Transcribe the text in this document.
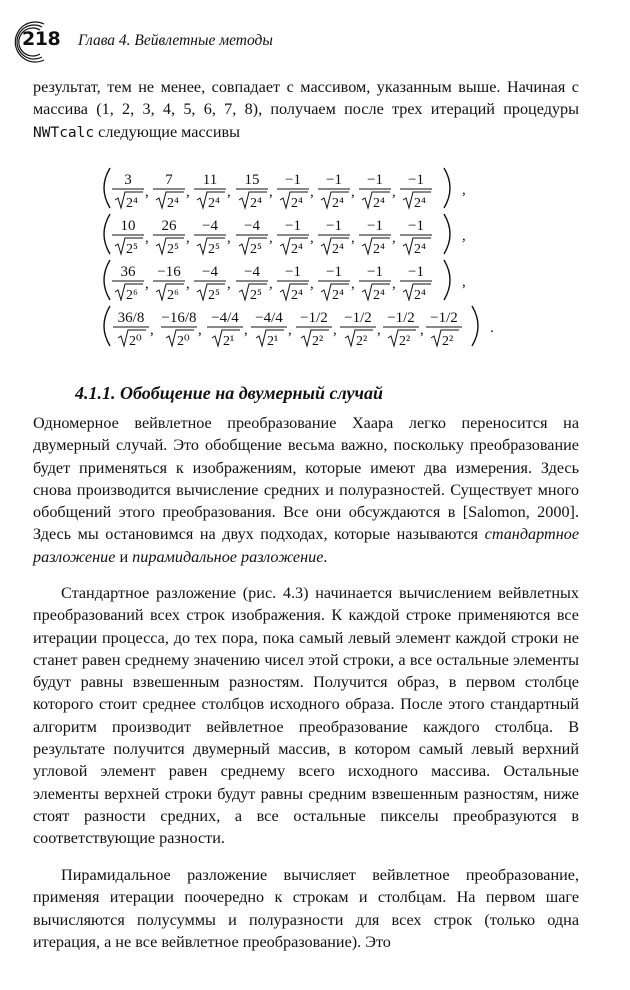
218 Глава 4. Вейвлетные методы

результат, тем не менее, совпадает с массивом, указанным выше. Начиная с массива (1, 2, 3, 4, 5, 6, 7, 8), получаем после трех итераций процедуры NWTcalc следующие массивы

,
3
2⁴
,
7
2⁴
,
11
2⁴
,
15
2⁴
,
−1
2⁴
,
−1
2⁴
,
−1
2⁴
,
−1
2⁴
,
10
2⁵
,
26
2⁵
,
−4
2⁵
,
−4
2⁵
,
−1
2⁴
,
−1
2⁴
,
−1
2⁴
,
−1
2⁴
,
36
2⁶
,
−16
2⁶
,
−4
2⁵
,
−4
2⁵
,
−1
2⁴
,
−1
2⁴
,
−1
2⁴
,
−1
2⁴
.
36/8
2⁰
,
−16/8
2⁰
,
−4/4
2¹
,
−4/4
2¹
,
−1/2
2²
,
−1/2
2²
,
−1/2
2²
,
−1/2
2²
4.1.1. Обобщение на двумерный случай

Одномерное вейвлетное преобразование Хаара легко переносится на двумерный случай. Это обобщение весьма важно, поскольку преобразование будет применяться к изображениям, которые имеют два измерения. Здесь снова производится вычисление средних и полуразностей. Существует много обобщений этого преобразования. Все они обсуждаются в [Salomon, 2000]. Здесь мы остановимся на двух подходах, которые называются стандартное разложение и пирамидальное разложение.

Стандартное разложение (рис. 4.3) начинается вычислением вейвлетных преобразований всех строк изображения. К каждой строке применяются все итерации процесса, до тех пора, пока самый левый элемент каждой строки не станет равен среднему значению чисел этой строки, а все остальные элементы будут равны взвешенным разностям. Получится образ, в первом столбце которого стоит среднее столбцов исходного образа. После этого стандартный алгоритм производит вейвлетное преобразование каждого столбца. В результате получится двумерный массив, в котором самый левый верхний угловой элемент равен среднему всего исходного массива. Остальные элементы верхней строки будут равны средним взвешенным разностям, ниже стоят разности средних, а все остальные пикселы преобразуются в соответствующие разности.

Пирамидальное разложение вычисляет вейвлетное преобразование, применяя итерации поочередно к строкам и столбцам. На первом шаге вычисляются полусуммы и полуразности для всех строк (только одна итерация, а не все вейвлетное преобразование). Это
